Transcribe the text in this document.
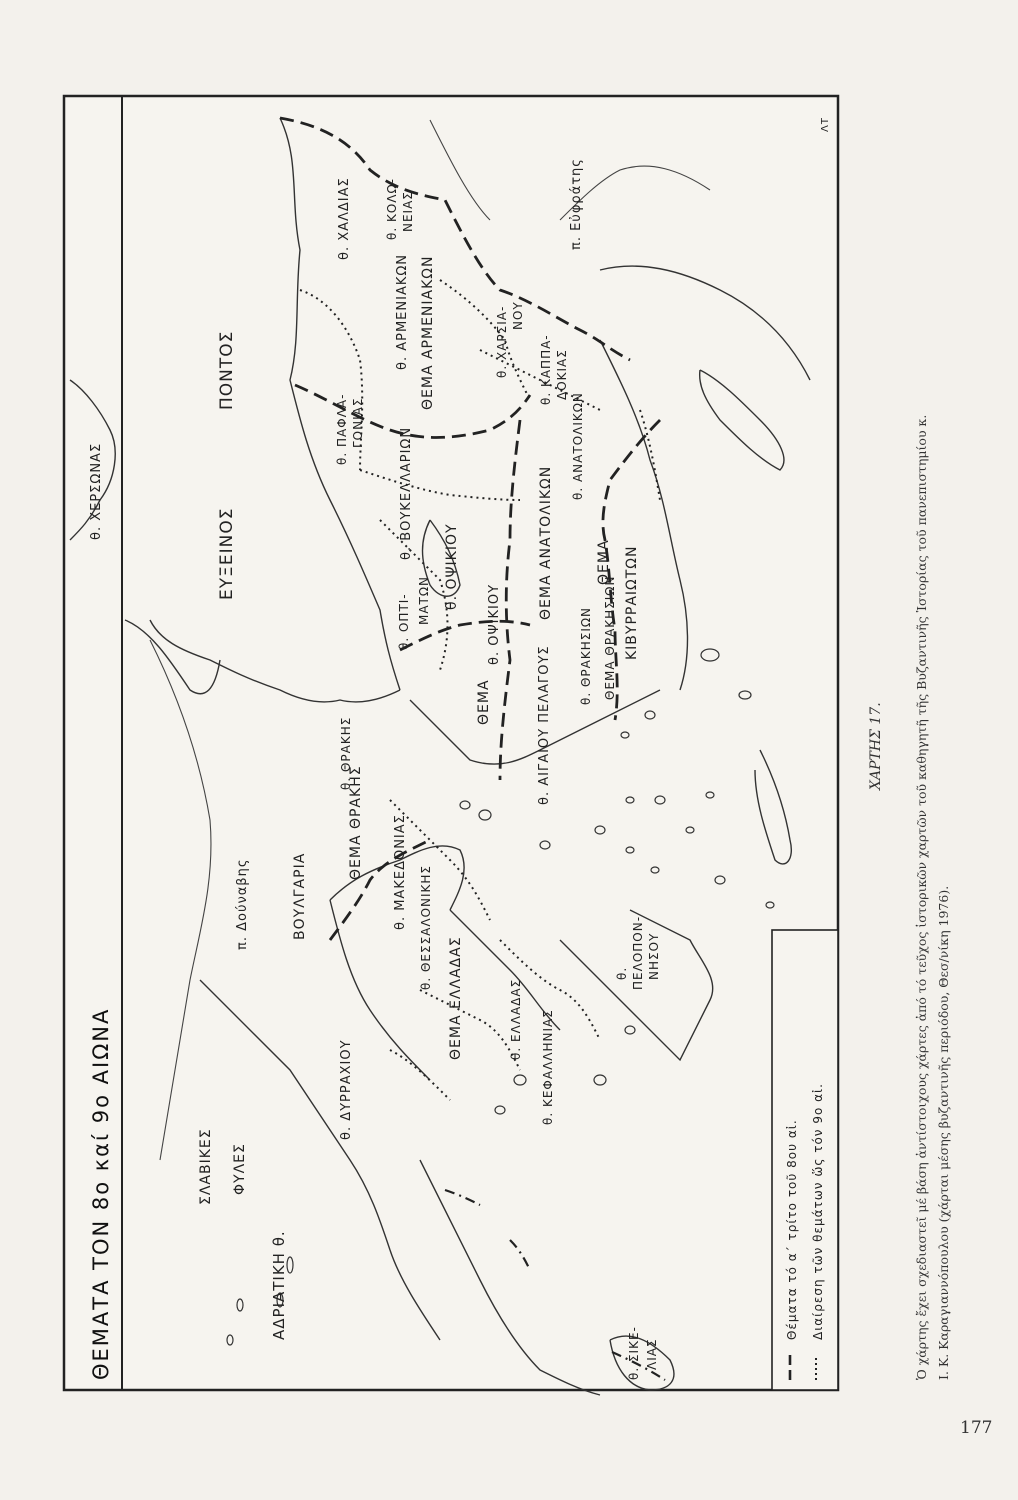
ΘΕΜΑΤΑ ΤΟΝ 8ο καί 9ο ΑΙΩΝΑ
ΛΤ
ΕΥΞΕΙΝΟΣ
ΠΟΝΤΟΣ
θ. ΑΙΓΑΙΟΥ ΠΕΛΑΓΟΥΣ
ΑΔΡΙΑΤΙΚΗ θ.
π. Δούναβης
π. Εὐφράτης
ΒΟΥΛΓΑΡΙΑ
ΣΛΑΒΙΚΕΣ ΦΥΛΕΣ
θ. ΧΕΡΣΩΝΑΣ
θ. ΧΑΛΔΙΑΣ
θ. ΑΡΜΕΝΙΑΚΩΝ ΘΕΜΑ ΑΡΜΕΝΙΑΚΩΝ
θ. ΚΟΛΩ- ΝΕΙΑΣ
θ. ΧΑΡΣΙΑ- ΝΟΥ
θ. ΠΑΦΛΑ- ΓΟΝΙΑΣ
θ. ΒΟΥΚΕΛΛΑΡΙΩΝ
θ. ΚΑΠΠΑ- ΔΟΚΙΑΣ
θ. ΑΝΑΤΟΛΙΚΩΝ
ΘΕΜΑ ΑΝΑΤΟΛΙΚΩΝ
θ. ΟΠΤΙ- ΜΑΤΩΝ θ. ΟΨΙΚΙΟΥ
ΘΕΜΑ
θ. ΟΨΙΚΙΟΥ	θ. ΘΡΑΚΗΣΙΩΝ ΘΕΜΑ ΘΡΑΚΗΣΙΩΝ
ΘΕΜΑ ΚΙΒΥΡΡΑΙΩΤΩΝ
θ. ΘΡΑΚΗΣ
ΘΕΜΑ ΘΡΑΚΗΣ θ. ΜΑΚΕΔΟΝΙΑΣ θ. ΘΕΣΣΑΛΟΝΙΚΗΣ
ΘΕΜΑ ΕΛΛΑΔΑΣ	θ. ΕΛΛΑΔΑΣ
θ. ΠΕΛΟΠΟΝ- ΝΗΣΟΥ
θ. ΔΥΡΡΑΧΙΟΥ	θ. ΚΕΦΑΛΛΗΝΙΑΣ
θ. ΣΙΚΕ- ΛΙΑΣ
Θέματα τό α΄ τρίτο τοῦ 8ου αἰ. Διαίρεση τῶν θεμάτων ὥς τόν 9ο αἰ.
ΧΑΡΤΗΣ 17. Ὁ χάρτης ἔχει σχεδιαστεῖ μέ βάση ἀντίστοιχους χάρτες ἀπό τό τεῦχος ἱστορικῶν χαρτῶν τοῦ καθηγητῆ τῆς Βυζαντινῆς Ἱστορίας τοῦ πανεπιστημίου κ. Ι. Κ. Καραγιαννόπουλου (χάρται μέσης βυζαντινῆς περιόδου, Θεσ/νίκη 1976).
177
